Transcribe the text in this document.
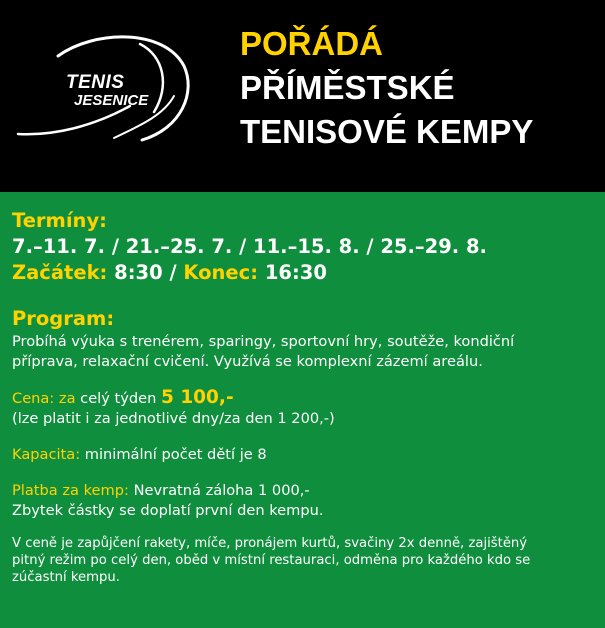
TENIS
JESENICE
POŘÁDÁ
PŘÍMĚSTSKÉ
TENISOVÉ KEMPY
Termíny:
7.–11. 7. / 21.–25. 7. / 11.–15. 8. / 25.–29. 8.
Začátek: 8:30 / Konec: 16:30
Program:
Probíhá výuka s trenérem, sparingy, sportovní hry, soutěže, kondiční
příprava, relaxační cvičení. Využívá se komplexní zázemí areálu.
Cena: za celý týden 5 100,-
(lze platit i za jednotlivé dny/za den 1 200,-)
Kapacita: minimální počet dětí je 8
Platba za kemp: Nevratná záloha 1 000,-
Zbytek částky se doplatí první den kempu.
V ceně je zapůjčení rakety, míče, pronájem kurtů, svačiny 2x denně, zajištěný
pitný režim po celý den, oběd v místní restauraci, odměna pro každého kdo se
zúčastní kempu.
